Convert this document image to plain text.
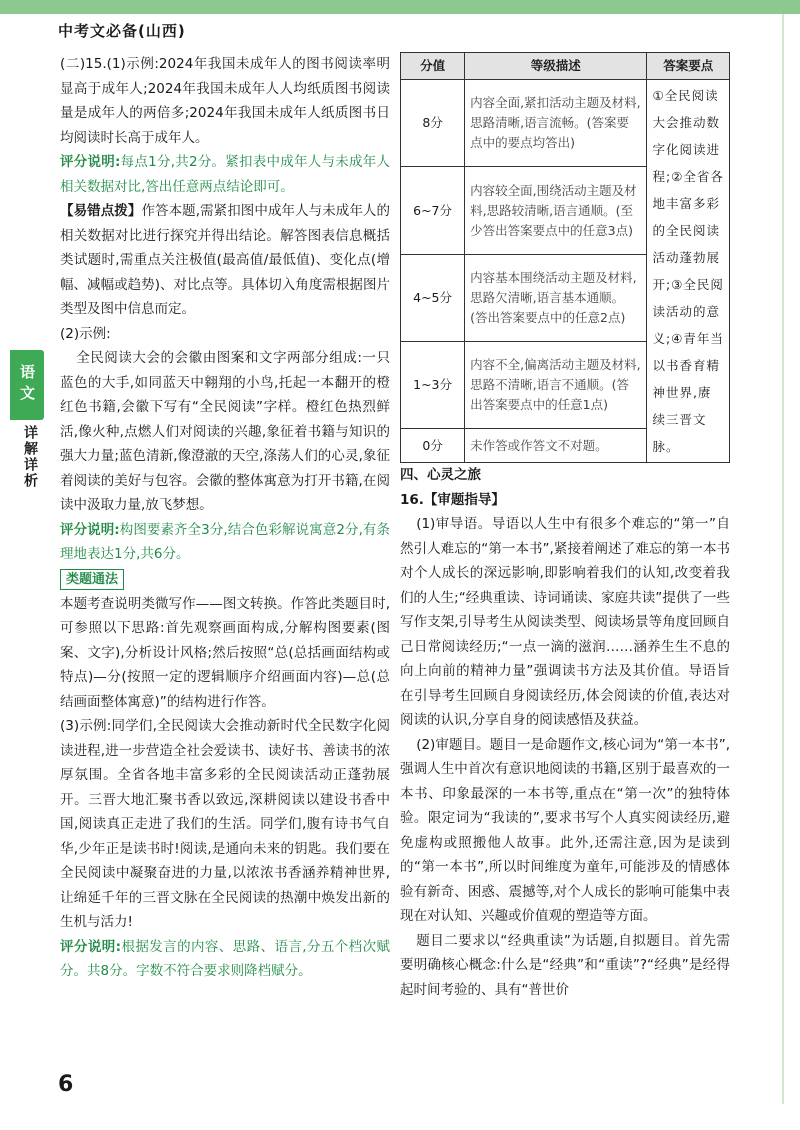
中考文必备(山西)
语文
详解详析

(二)15.(1)示例:2024年我国未成年人的图书阅读率明显高于成年人;2024年我国未成年人人均纸质图书阅读量是成年人的两倍多;2024年我国未成年人纸质图书日均阅读时长高于成年人。

评分说明:每点1分,共2分。紧扣表中成年人与未成年人相关数据对比,答出任意两点结论即可。

【易错点拨】作答本题,需紧扣图中成年人与未成年人的相关数据对比进行探究并得出结论。解答图表信息概括类试题时,需重点关注极值(最高值/最低值)、变化点(增幅、减幅或趋势)、对比点等。具体切入角度需根据图片类型及图中信息而定。

(2)示例:

全民阅读大会的会徽由图案和文字两部分组成:一只蓝色的大手,如同蓝天中翱翔的小鸟,托起一本翻开的橙红色书籍,会徽下写有“全民阅读”字样。橙红色热烈鲜活,像火种,点燃人们对阅读的兴趣,象征着书籍与知识的强大力量;蓝色清新,像澄澈的天空,涤荡人们的心灵,象征着阅读的美好与包容。会徽的整体寓意为打开书籍,在阅读中汲取力量,放飞梦想。

评分说明:构图要素齐全3分,结合色彩解说寓意2分,有条理地表达1分,共6分。

类题通法

本题考查说明类微写作——图文转换。作答此类题目时,可参照以下思路:首先观察画面构成,分解构图要素(图案、文字),分析设计风格;然后按照“总(总括画面结构或特点)—分(按照一定的逻辑顺序介绍画面内容)—总(总结画面整体寓意)”的结构进行作答。

(3)示例:同学们,全民阅读大会推动新时代全民数字化阅读进程,进一步营造全社会爱读书、读好书、善读书的浓厚氛围。全省各地丰富多彩的全民阅读活动正蓬勃展开。三晋大地汇聚书香以致远,深耕阅读以建设书香中国,阅读真正走进了我们的生活。同学们,腹有诗书气自华,少年正是读书时!阅读,是通向未来的钥匙。我们要在全民阅读中凝聚奋进的力量,以浓浓书香涵养精神世界,让绵延千年的三晋文脉在全民阅读的热潮中焕发出新的生机与活力!

评分说明:根据发言的内容、思路、语言,分五个档次赋分。共8分。字数不符合要求则降档赋分。

分值	等级描述	答案要点
8分	内容全面,紧扣活动主题及材料,思路清晰,语言流畅。(答案要点中的要点均答出)	①全民阅读大会推动数字化阅读进程;②全省各地丰富多彩的全民阅读活动蓬勃展开;③全民阅读活动的意义;④青年当以书香育精神世界,赓续三晋文脉。
6~7分	内容较全面,围绕活动主题及材料,思路较清晰,语言通顺。(至少答出答案要点中的任意3点)	
4~5分	内容基本围绕活动主题及材料,思路欠清晰,语言基本通顺。(答出答案要点中的任意2点)	
1~3分	内容不全,偏离活动主题及材料,思路不清晰,语言不通顺。(答出答案要点中的任意1点)	
0分	未作答或作答文不对题。	

四、心灵之旅

16.【审题指导】

(1)审导语。导语以人生中有很多个难忘的“第一”自然引人难忘的“第一本书”,紧接着阐述了难忘的第一本书对个人成长的深远影响,即影响着我们的认知,改变着我们的人生;“经典重读、诗词诵读、家庭共读”提供了一些写作支架,引导考生从阅读类型、阅读场景等角度回顾自己日常阅读经历;“一点一滴的滋润……涵养生生不息的向上向前的精神力量”强调读书方法及其价值。导语旨在引导考生回顾自身阅读经历,体会阅读的价值,表达对阅读的认识,分享自身的阅读感悟及获益。

(2)审题目。题目一是命题作文,核心词为“第一本书”,强调人生中首次有意识地阅读的书籍,区别于最喜欢的一本书、印象最深的一本书等,重点在“第一次”的独特体验。限定词为“我读的”,要求书写个人真实阅读经历,避免虚构或照搬他人故事。此外,还需注意,因为是读到的“第一本书”,所以时间维度为童年,可能涉及的情感体验有新奇、困惑、震撼等,对个人成长的影响可能集中表现在对认知、兴趣或价值观的塑造等方面。

题目二要求以“经典重读”为话题,自拟题目。首先需要明确核心概念:什么是“经典”和“重读”?“经典”是经得起时间考验的、具有“普世价

6
